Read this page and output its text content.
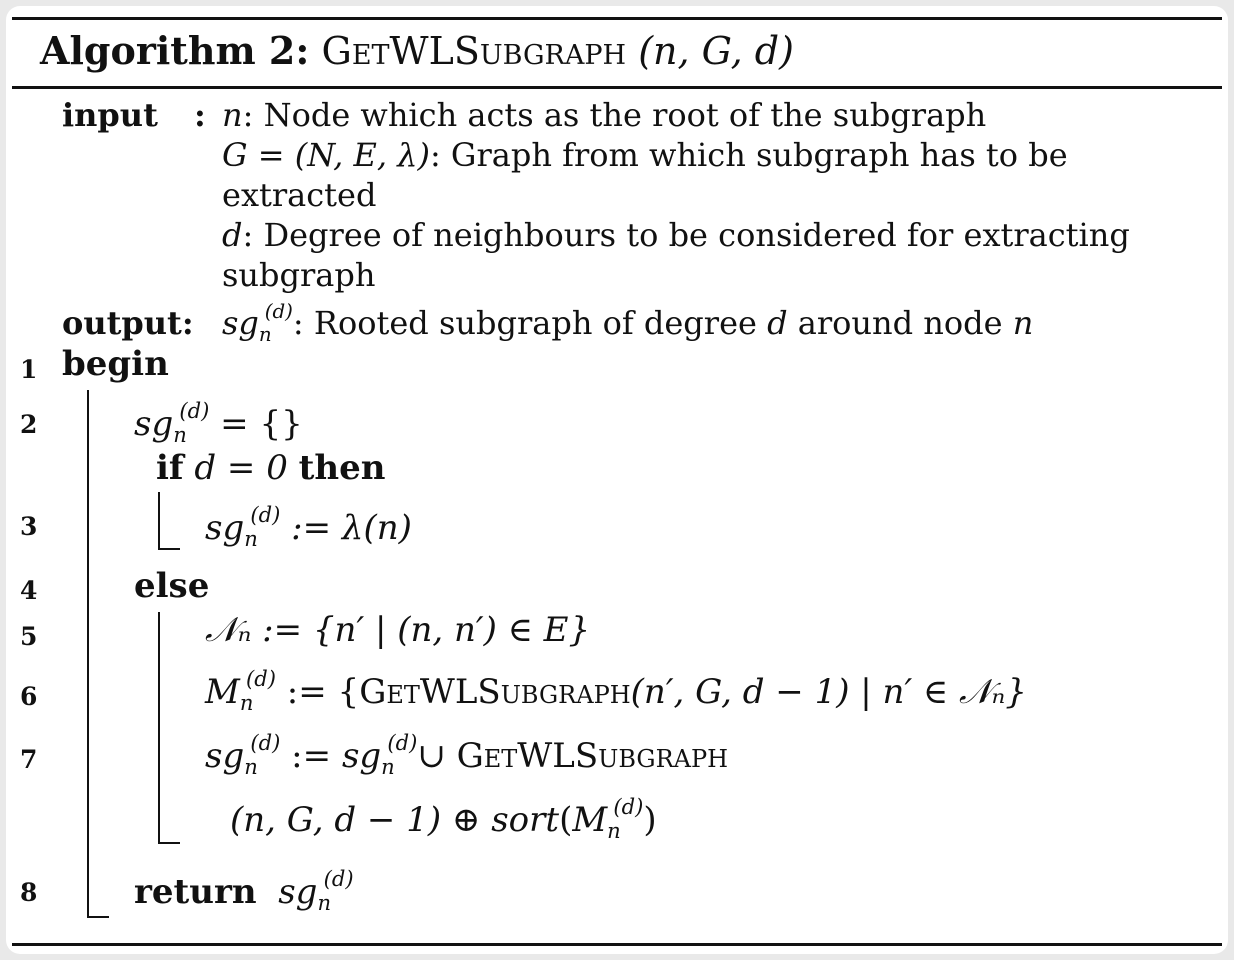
Algorithm 2: GetWLSubgraph (n, G, d)
input : n: Node which acts as the root of the subgraph
G = (N, E, λ): Graph from which subgraph has to be
extracted
d: Degree of neighbours to be considered for extracting
subgraph
output: $sg_n^{(d)}$: Rooted subgraph of degree d around node n
1
2
3
4
5
6
7
8
begin
$sg_n^{(d)}$ = {}
if d = 0 then
$sg_n^{(d)}$ := λ(n)
else
𝒩ₙ := {n′ | (n, n′) ∈ E}
$M_n^{(d)}$ := {GetWLSubgraph(n′, G, d − 1) | n′ ∈ 𝒩ₙ}
$sg_n^{(d)}$ := $sg_n^{(d)}\cup$ GetWLSubgraph
(n, G, d − 1) ⊕ $sort(M_n^{(d)})$
return $sg_n^{(d)}$
